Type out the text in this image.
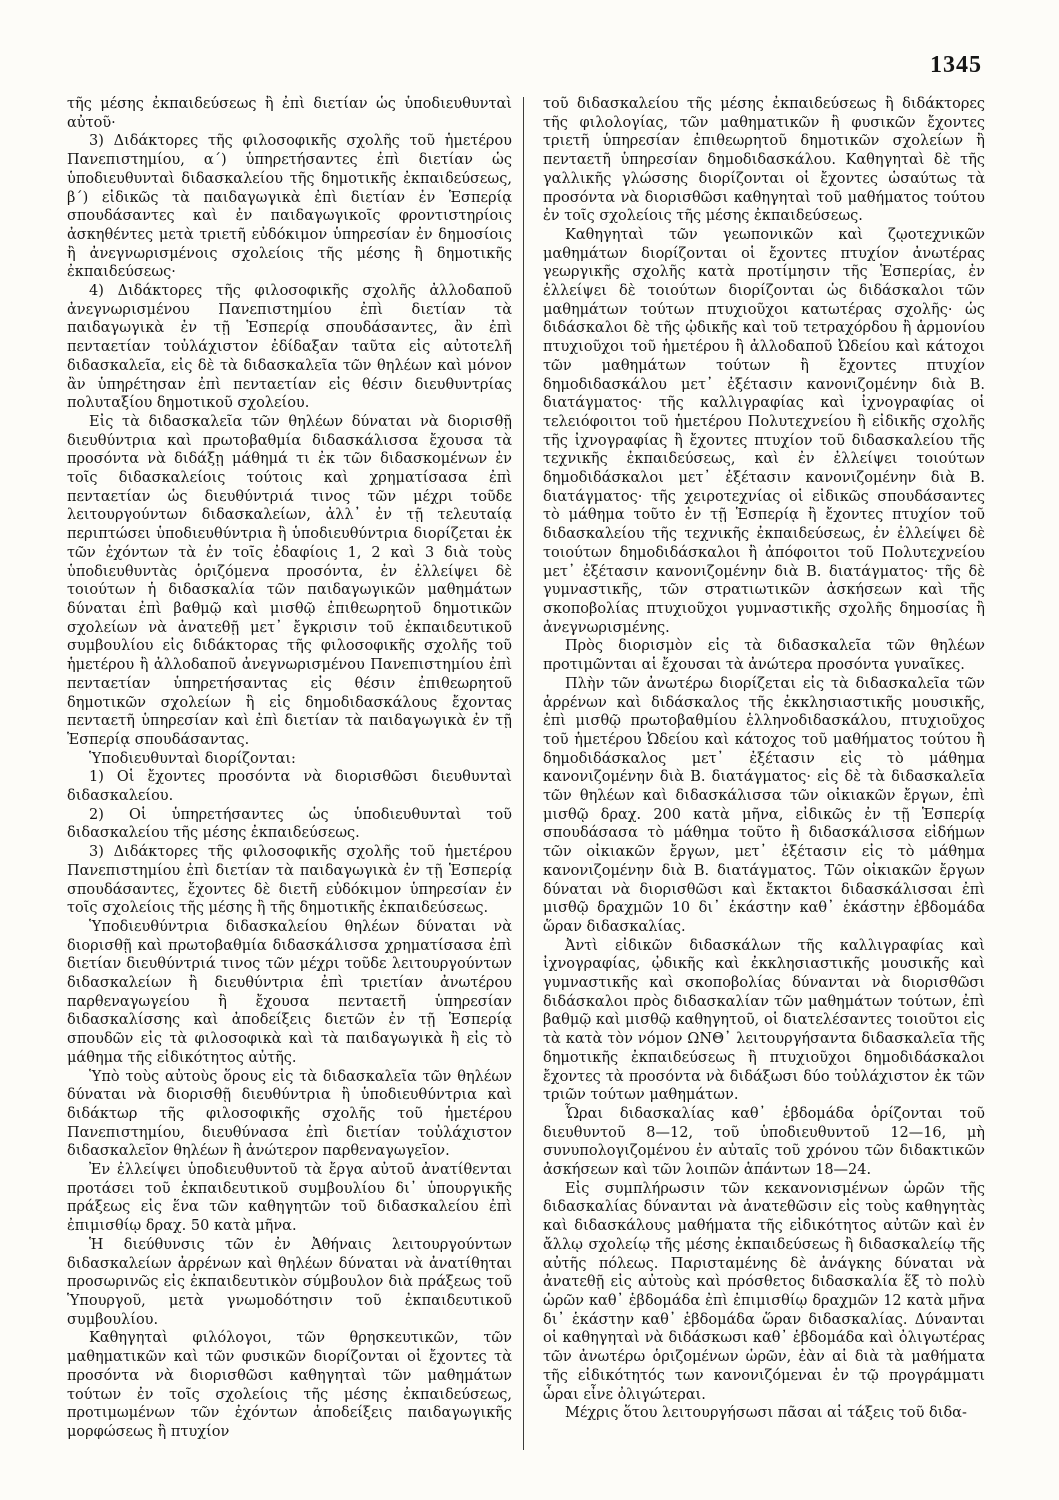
1345

τῆς μέσης ἐκπαιδεύσεως ἢ ἐπὶ διετίαν ὡς ὑποδιευθυνταὶ αὐτοῦ·

3) Διδάκτορες τῆς φιλοσοφικῆς σχολῆς τοῦ ἡμετέρου Πανεπιστημίου, α΄) ὑπηρετήσαντες ἐπὶ διετίαν ὡς ὑποδιευθυνταὶ διδασκαλείου τῆς δημοτικῆς ἐκπαιδεύσεως, β΄) εἰδικῶς τὰ παιδαγωγικὰ ἐπὶ διετίαν ἐν Ἑσπερίᾳ σπουδάσαντες καὶ ἐν παιδαγωγικοῖς φροντιστηρίοις ἀσκηθέντες μετὰ τριετῆ εὐδόκιμον ὑπηρεσίαν ἐν δημοσίοις ἢ ἀνεγνωρισμένοις σχολείοις τῆς μέσης ἢ δημοτικῆς ἐκπαιδεύσεως·

4) Διδάκτορες τῆς φιλοσοφικῆς σχολῆς ἀλλοδαποῦ ἀνεγνωρισμένου Πανεπιστημίου ἐπὶ διετίαν τὰ παιδαγωγικὰ ἐν τῇ Ἑσπερίᾳ σπουδάσαντες, ἂν ἐπὶ πενταετίαν τοὐλάχιστον ἐδίδαξαν ταῦτα εἰς αὐτοτελῆ διδασκαλεῖα, εἰς δὲ τὰ διδασκαλεῖα τῶν θηλέων καὶ μόνον ἂν ὑπηρέτησαν ἐπὶ πενταετίαν εἰς θέσιν διευθυντρίας πολυταξίου δημοτικοῦ σχολείου.

Εἰς τὰ διδασκαλεῖα τῶν θηλέων δύναται νὰ διορισθῇ διευθύντρια καὶ πρωτοβαθμία διδασκάλισσα ἔχουσα τὰ προσόντα νὰ διδάξῃ μάθημά τι ἐκ τῶν διδασκομένων ἐν τοῖς διδασκαλείοις τούτοις καὶ χρηματίσασα ἐπὶ πενταετίαν ὡς διευθύντριά τινος τῶν μέχρι τοῦδε λειτουργούντων διδασκαλείων, ἀλλ᾽ ἐν τῇ τελευταίᾳ περιπτώσει ὑποδιευθύντρια ἢ ὑποδιευθύντρια διορίζεται ἐκ τῶν ἐχόντων τὰ ἐν τοῖς ἐδαφίοις 1, 2 καὶ 3 διὰ τοὺς ὑποδιευθυντὰς ὁριζόμενα προσόντα, ἐν ἐλλείψει δὲ τοιούτων ἡ διδασκαλία τῶν παιδαγωγικῶν μαθημάτων δύναται ἐπὶ βαθμῷ καὶ μισθῷ ἐπιθεωρητοῦ δημοτικῶν σχολείων νὰ ἀνατεθῇ μετ᾽ ἔγκρισιν τοῦ ἐκπαιδευτικοῦ συμβουλίου εἰς διδάκτορας τῆς φιλοσοφικῆς σχολῆς τοῦ ἡμετέρου ἢ ἀλλοδαποῦ ἀνεγνωρισμένου Πανεπιστημίου ἐπὶ πενταετίαν ὑπηρετήσαντας εἰς θέσιν ἐπιθεωρητοῦ δημοτικῶν σχολείων ἢ εἰς δημοδιδασκάλους ἔχοντας πενταετῆ ὑπηρεσίαν καὶ ἐπὶ διετίαν τὰ παιδαγωγικὰ ἐν τῇ Ἑσπερίᾳ σπουδάσαντας.

Ὑποδιευθυνταὶ διορίζονται:

1) Οἱ ἔχοντες προσόντα νὰ διορισθῶσι διευθυνταὶ διδασκαλείου.

2) Οἱ ὑπηρετήσαντες ὡς ὑποδιευθυνταὶ τοῦ διδασκαλείου τῆς μέσης ἐκπαιδεύσεως.

3) Διδάκτορες τῆς φιλοσοφικῆς σχολῆς τοῦ ἡμετέρου Πανεπιστημίου ἐπὶ διετίαν τὰ παιδαγωγικὰ ἐν τῇ Ἑσπερίᾳ σπουδάσαντες, ἔχοντες δὲ διετῆ εὐδόκιμον ὑπηρεσίαν ἐν τοῖς σχολείοις τῆς μέσης ἢ τῆς δημοτικῆς ἐκπαιδεύσεως.

Ὑποδιευθύντρια διδασκαλείου θηλέων δύναται νὰ διορισθῇ καὶ πρωτοβαθμία διδασκάλισσα χρηματίσασα ἐπὶ διετίαν διευθύντριά τινος τῶν μέχρι τοῦδε λειτουργούντων διδασκαλείων ἢ διευθύντρια ἐπὶ τριετίαν ἀνωτέρου παρθεναγωγείου ἢ ἔχουσα πενταετῆ ὑπηρεσίαν διδασκαλίσσης καὶ ἀποδείξεις διετῶν ἐν τῇ Ἑσπερίᾳ σπουδῶν εἰς τὰ φιλοσοφικὰ καὶ τὰ παιδαγωγικὰ ἢ εἰς τὸ μάθημα τῆς εἰδικότητος αὐτῆς.

Ὑπὸ τοὺς αὐτοὺς ὅρους εἰς τὰ διδασκαλεῖα τῶν θηλέων δύναται νὰ διορισθῇ διευθύντρια ἢ ὑποδιευθύντρια καὶ διδάκτωρ τῆς φιλοσοφικῆς σχολῆς τοῦ ἡμετέρου Πανεπιστημίου, διευθύνασα ἐπὶ διετίαν τοὐλάχιστον διδασκαλεῖον θηλέων ἢ ἀνώτερον παρθεναγωγεῖον.

Ἐν ἐλλείψει ὑποδιευθυντοῦ τὰ ἔργα αὐτοῦ ἀνατίθενται προτάσει τοῦ ἐκπαιδευτικοῦ συμβουλίου δι᾽ ὑπουργικῆς πράξεως εἰς ἕνα τῶν καθηγητῶν τοῦ διδασκαλείου ἐπὶ ἐπιμισθίῳ δραχ. 50 κατὰ μῆνα.

Ἡ διεύθυνσις τῶν ἐν Ἀθήναις λειτουργούντων διδασκαλείων ἀρρένων καὶ θηλέων δύναται νὰ ἀνατίθηται προσωρινῶς εἰς ἐκπαιδευτικὸν σύμβουλον διὰ πράξεως τοῦ Ὑπουργοῦ, μετὰ γνωμοδότησιν τοῦ ἐκπαιδευτικοῦ συμβουλίου.

Καθηγηταὶ φιλόλογοι, τῶν θρησκευτικῶν, τῶν μαθηματικῶν καὶ τῶν φυσικῶν διορίζονται οἱ ἔχοντες τὰ προσόντα νὰ διορισθῶσι καθηγηταὶ τῶν μαθημάτων τούτων ἐν τοῖς σχολείοις τῆς μέσης ἐκπαιδεύσεως, προτιμωμένων τῶν ἐχόντων ἀποδείξεις παιδαγωγικῆς μορφώσεως ἢ πτυχίον

τοῦ διδασκαλείου τῆς μέσης ἐκπαιδεύσεως ἢ διδάκτορες τῆς φιλολογίας, τῶν μαθηματικῶν ἢ φυσικῶν ἔχοντες τριετῆ ὑπηρεσίαν ἐπιθεωρητοῦ δημοτικῶν σχολείων ἢ πενταετῆ ὑπηρεσίαν δημοδιδασκάλου. Καθηγηταὶ δὲ τῆς γαλλικῆς γλώσσης διορίζονται οἱ ἔχοντες ὡσαύτως τὰ προσόντα νὰ διορισθῶσι καθηγηταὶ τοῦ μαθήματος τούτου ἐν τοῖς σχολείοις τῆς μέσης ἐκπαιδεύσεως.

Καθηγηταὶ τῶν γεωπονικῶν καὶ ζῳοτεχνικῶν μαθημάτων διορίζονται οἱ ἔχοντες πτυχίον ἀνωτέρας γεωργικῆς σχολῆς κατὰ προτίμησιν τῆς Ἑσπερίας, ἐν ἐλλείψει δὲ τοιούτων διορίζονται ὡς διδάσκαλοι τῶν μαθημάτων τούτων πτυχιοῦχοι κατωτέρας σχολῆς· ὡς διδάσκαλοι δὲ τῆς ᾠδικῆς καὶ τοῦ τετραχόρδου ἢ ἁρμονίου πτυχιοῦχοι τοῦ ἡμετέρου ἢ ἀλλοδαποῦ Ὠδείου καὶ κάτοχοι τῶν μαθημάτων τούτων ἢ ἔχοντες πτυχίον δημοδιδασκάλου μετ᾽ ἐξέτασιν κανονιζομένην διὰ Β. διατάγματος· τῆς καλλιγραφίας καὶ ἰχνογραφίας οἱ τελειόφοιτοι τοῦ ἡμετέρου Πολυτεχνείου ἢ εἰδικῆς σχολῆς τῆς ἰχνογραφίας ἢ ἔχοντες πτυχίον τοῦ διδασκαλείου τῆς τεχνικῆς ἐκπαιδεύσεως, καὶ ἐν ἐλλείψει τοιούτων δημοδιδάσκαλοι μετ᾽ ἐξέτασιν κανονιζομένην διὰ Β. διατάγματος· τῆς χειροτεχνίας οἱ εἰδικῶς σπουδάσαντες τὸ μάθημα τοῦτο ἐν τῇ Ἑσπερίᾳ ἢ ἔχοντες πτυχίον τοῦ διδασκαλείου τῆς τεχνικῆς ἐκπαιδεύσεως, ἐν ἐλλείψει δὲ τοιούτων δημοδιδάσκαλοι ἢ ἀπόφοιτοι τοῦ Πολυτεχνείου μετ᾽ ἐξέτασιν κανονιζομένην διὰ Β. διατάγματος· τῆς δὲ γυμναστικῆς, τῶν στρατιωτικῶν ἀσκήσεων καὶ τῆς σκοποβολίας πτυχιοῦχοι γυμναστικῆς σχολῆς δημοσίας ἢ ἀνεγνωρισμένης.

Πρὸς διορισμὸν εἰς τὰ διδασκαλεῖα τῶν θηλέων προτιμῶνται αἱ ἔχουσαι τὰ ἀνώτερα προσόντα γυναῖκες.

Πλὴν τῶν ἀνωτέρω διορίζεται εἰς τὰ διδασκαλεῖα τῶν ἀρρένων καὶ διδάσκαλος τῆς ἐκκλησιαστικῆς μουσικῆς, ἐπὶ μισθῷ πρωτοβαθμίου ἑλληνοδιδασκάλου, πτυχιοῦχος τοῦ ἡμετέρου Ὠδείου καὶ κάτοχος τοῦ μαθήματος τούτου ἢ δημοδιδάσκαλος μετ᾽ ἐξέτασιν εἰς τὸ μάθημα κανονιζομένην διὰ Β. διατάγματος· εἰς δὲ τὰ διδασκαλεῖα τῶν θηλέων καὶ διδασκάλισσα τῶν οἰκιακῶν ἔργων, ἐπὶ μισθῷ δραχ. 200 κατὰ μῆνα, εἰδικῶς ἐν τῇ Ἑσπερίᾳ σπουδάσασα τὸ μάθημα τοῦτο ἢ διδασκάλισσα εἰδήμων τῶν οἰκιακῶν ἔργων, μετ᾽ ἐξέτασιν εἰς τὸ μάθημα κανονιζομένην διὰ Β. διατάγματος. Τῶν οἰκιακῶν ἔργων δύναται νὰ διορισθῶσι καὶ ἔκτακτοι διδασκάλισσαι ἐπὶ μισθῷ δραχμῶν 10 δι᾽ ἑκάστην καθ᾽ ἑκάστην ἑβδομάδα ὥραν διδασκαλίας.

Ἀντὶ εἰδικῶν διδασκάλων τῆς καλλιγραφίας καὶ ἰχνογραφίας, ᾠδικῆς καὶ ἐκκλησιαστικῆς μουσικῆς καὶ γυμναστικῆς καὶ σκοποβολίας δύνανται νὰ διορισθῶσι διδάσκαλοι πρὸς διδασκαλίαν τῶν μαθημάτων τούτων, ἐπὶ βαθμῷ καὶ μισθῷ καθηγητοῦ, οἱ διατελέσαντες τοιοῦτοι εἰς τὰ κατὰ τὸν νόμον ΩΝΘ᾽ λειτουργήσαντα διδασκαλεῖα τῆς δημοτικῆς ἐκπαιδεύσεως ἢ πτυχιοῦχοι δημοδιδάσκαλοι ἔχοντες τὰ προσόντα νὰ διδάξωσι δύο τοὐλάχιστον ἐκ τῶν τριῶν τούτων μαθημάτων.

Ὧραι διδασκαλίας καθ᾽ ἑβδομάδα ὁρίζονται τοῦ διευθυντοῦ 8—12, τοῦ ὑποδιευθυντοῦ 12—16, μὴ συνυπολογιζομένου ἐν αὐταῖς τοῦ χρόνου τῶν διδακτικῶν ἀσκήσεων καὶ τῶν λοιπῶν ἁπάντων 18—24.

Εἰς συμπλήρωσιν τῶν κεκανονισμένων ὡρῶν τῆς διδασκαλίας δύνανται νὰ ἀνατεθῶσιν εἰς τοὺς καθηγητὰς καὶ διδασκάλους μαθήματα τῆς εἰδικότητος αὐτῶν καὶ ἐν ἄλλῳ σχολείῳ τῆς μέσης ἐκπαιδεύσεως ἢ διδασκαλείῳ τῆς αὐτῆς πόλεως. Παρισταμένης δὲ ἀνάγκης δύναται νὰ ἀνατεθῇ εἰς αὐτοὺς καὶ πρόσθετος διδασκαλία ἕξ τὸ πολὺ ὡρῶν καθ᾽ ἑβδομάδα ἐπὶ ἐπιμισθίῳ δραχμῶν 12 κατὰ μῆνα δι᾽ ἑκάστην καθ᾽ ἑβδομάδα ὥραν διδασκαλίας. Δύνανται οἱ καθηγηταὶ νὰ διδάσκωσι καθ᾽ ἑβδομάδα καὶ ὀλιγωτέρας τῶν ἀνωτέρω ὁριζομένων ὡρῶν, ἐὰν αἱ διὰ τὰ μαθήματα τῆς εἰδικότητός των κανονιζόμεναι ἐν τῷ προγράμματι ὧραι εἶνε ὀλιγώτεραι.

Μέχρις ὅτου λειτουργήσωσι πᾶσαι αἱ τάξεις τοῦ διδα-
